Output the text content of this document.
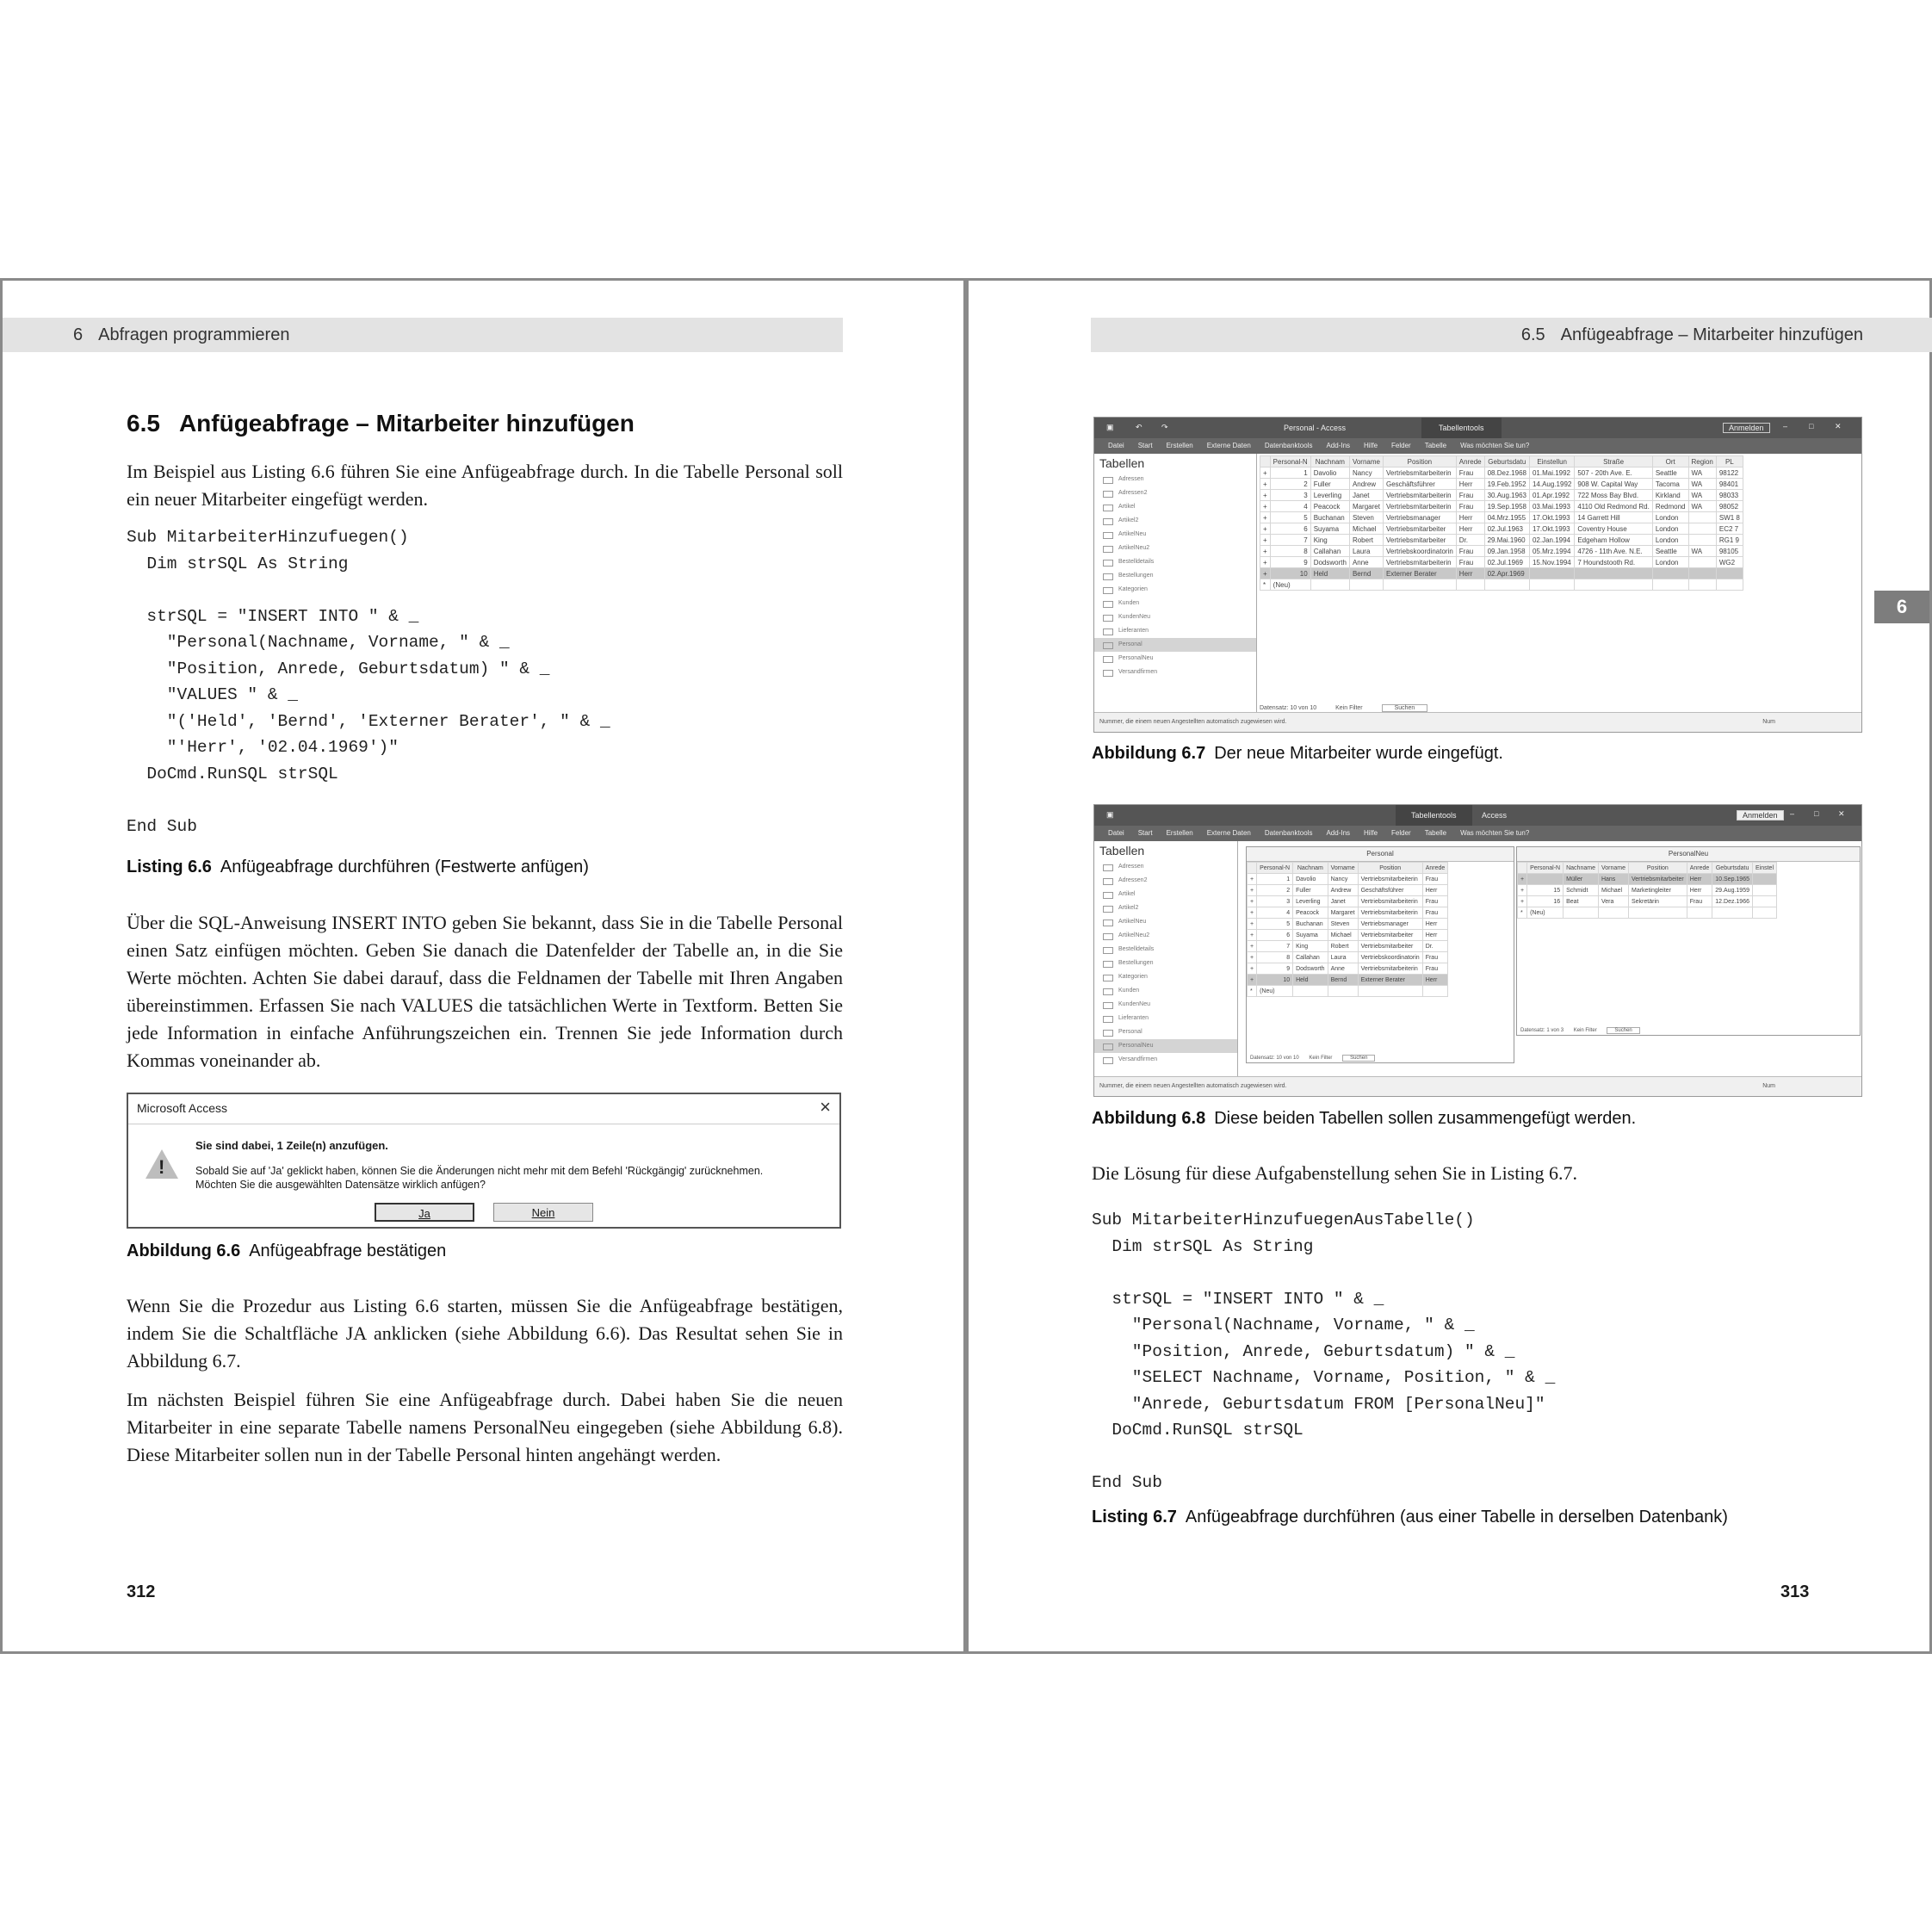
6 Abfragen programmieren
6.5 Anfügeabfrage – Mitarbeiter hinzufügen

Im Beispiel aus Listing 6.6 führen Sie eine Anfügeabfrage durch. In die Tabelle Personal soll ein neuer Mitarbeiter eingefügt werden.

Sub MitarbeiterHinzufuegen()
Dim strSQL As String

strSQL = "INSERT INTO " & _
"Personal(Nachname, Vorname, " & _
"Position, Anrede, Geburtsdatum) " & _
"VALUES " & _
"('Held', 'Bernd', 'Externer Berater', " & _
"'Herr', '02.04.1969')"
DoCmd.RunSQL strSQL

End Sub
Listing 6.6 Anfügeabfrage durchführen (Festwerte anfügen)

Über die SQL-Anweisung INSERT INTO geben Sie bekannt, dass Sie in die Tabelle Personal einen Satz einfügen möchten. Geben Sie danach die Datenfelder der Tabelle an, in die Sie Werte möchten. Achten Sie dabei darauf, dass die Feldnamen der Tabelle mit Ihren Angaben übereinstimmen. Erfassen Sie nach VALUES die tatsächlichen Werte in Textform. Betten Sie jede Information in einfache Anführungszeichen ein. Trennen Sie jede Information durch Kommas voneinander ab.

Microsoft Access	×
!
Sie sind dabei, 1 Zeile(n) anzufügen.
Sobald Sie auf 'Ja' geklickt haben, können Sie die Änderungen nicht mehr mit dem Befehl 'Rückgängig' zurücknehmen.
Möchten Sie die ausgewählten Datensätze wirklich anfügen?
Ja	Nein
Abbildung 6.6 Anfügeabfrage bestätigen

Wenn Sie die Prozedur aus Listing 6.6 starten, müssen Sie die Anfügeabfrage bestätigen, indem Sie die Schaltfläche JA anklicken (siehe Abbildung 6.6). Das Resultat sehen Sie in Abbildung 6.7.

Im nächsten Beispiel führen Sie eine Anfügeabfrage durch. Dabei haben Sie die neuen Mitarbeiter in eine separate Tabelle namens PersonalNeu eingegeben (siehe Abbildung 6.8). Diese Mitarbeiter sollen nun in der Tabelle Personal hinten angehängt werden.

312
6.5 Anfügeabfrage – Mitarbeiter hinzufügen
6
▣	↶ ↷	Personal - Access	Tabellentools	Anmelden	–	□	✕
Datei Start Erstellen Externe Daten Datenbanktools Add-Ins Hilfe Felder Tabelle Was möchten Sie tun?
Tabellen
Adressen
Adressen2
Artikel
Artikel2
ArtikelNeu
ArtikelNeu2
Bestelldetails
Bestellungen
Kategorien
Kunden
KundenNeu
Lieferanten
Personal
PersonalNeu
Versandfirmen
	Personal-N	Nachnam	Vorname	Position	Anrede	Geburtsdatu	Einstellun	Straße	Ort	Region	PL
+	1	Davolio	Nancy	Vertriebsmitarbeiterin	Frau	08.Dez.1968	01.Mai.1992	507 - 20th Ave. E.	Seattle	WA	98122
+	2	Fuller	Andrew	Geschäftsführer	Herr	19.Feb.1952	14.Aug.1992	908 W. Capital Way	Tacoma	WA	98401
+	3	Leverling	Janet	Vertriebsmitarbeiterin	Frau	30.Aug.1963	01.Apr.1992	722 Moss Bay Blvd.	Kirkland	WA	98033
+	4	Peacock	Margaret	Vertriebsmitarbeiterin	Frau	19.Sep.1958	03.Mai.1993	4110 Old Redmond Rd.	Redmond	WA	98052
+	5	Buchanan	Steven	Vertriebsmanager	Herr	04.Mrz.1955	17.Okt.1993	14 Garrett Hill	London		SW1 8
+	6	Suyama	Michael	Vertriebsmitarbeiter	Herr	02.Jul.1963	17.Okt.1993	Coventry House	London		EC2 7
+	7	King	Robert	Vertriebsmitarbeiter	Dr.	29.Mai.1960	02.Jan.1994	Edgeham Hollow	London		RG1 9
+	8	Callahan	Laura	Vertriebskoordinatorin	Frau	09.Jan.1958	05.Mrz.1994	4726 - 11th Ave. N.E.	Seattle	WA	98105
+	9	Dodsworth	Anne	Vertriebsmitarbeiterin	Frau	02.Jul.1969	15.Nov.1994	7 Houndstooth Rd.	London		WG2
+	10	Held	Bernd	Externer Berater	Herr	02.Apr.1969					
*	(Neu)										
Datensatz: 10 von 10	Kein Filter	Suchen
Nummer, die einem neuen Angestellten automatisch zugewiesen wird.	Num
Abbildung 6.7 Der neue Mitarbeiter wurde eingefügt.
▣	Tabellentools	Access	Anmelden	–	□	✕
Datei Start Erstellen Externe Daten Datenbanktools Add-Ins Hilfe Felder Tabelle Was möchten Sie tun?
Tabellen
Adressen
Adressen2
Artikel
Artikel2
ArtikelNeu
ArtikelNeu2
Bestelldetails
Bestellungen
Kategorien
Kunden
KundenNeu
Lieferanten
Personal
PersonalNeu
Versandfirmen
Personal
	Personal-N	Nachnam	Vorname	Position	Anrede
+	1	Davolio	Nancy	Vertriebsmitarbeiterin	Frau
+	2	Fuller	Andrew	Geschäftsführer	Herr
+	3	Leverling	Janet	Vertriebsmitarbeiterin	Frau
+	4	Peacock	Margaret	Vertriebsmitarbeiterin	Frau
+	5	Buchanan	Steven	Vertriebsmanager	Herr
+	6	Suyama	Michael	Vertriebsmitarbeiter	Herr
+	7	King	Robert	Vertriebsmitarbeiter	Dr.
+	8	Callahan	Laura	Vertriebskoordinatorin	Frau
+	9	Dodsworth	Anne	Vertriebsmitarbeiterin	Frau
+	10	Held	Bernd	Externer Berater	Herr
*	(Neu)				
Datensatz: 10 von 10 Kein Filter	Suchen
PersonalNeu
	Personal-N	Nachname	Vorname	Position	Anrede	Geburtsdatu	Einstel
+		Müller	Hans	Vertriebsmitarbeiter	Herr	10.Sep.1965	
+	15	Schmidt	Michael	Marketingleiter	Herr	29.Aug.1959	
+	16	Beat	Vera	Sekretärin	Frau	12.Dez.1966	
*	(Neu)						
Datensatz: 1 von 3 Kein Filter	Suchen
Nummer, die einem neuen Angestellten automatisch zugewiesen wird.	Num
Abbildung 6.8 Diese beiden Tabellen sollen zusammengefügt werden.

Die Lösung für diese Aufgabenstellung sehen Sie in Listing 6.7.

Sub MitarbeiterHinzufuegenAusTabelle()
Dim strSQL As String

strSQL = "INSERT INTO " & _
"Personal(Nachname, Vorname, " & _
"Position, Anrede, Geburtsdatum) " & _
"SELECT Nachname, Vorname, Position, " & _
"Anrede, Geburtsdatum FROM [PersonalNeu]"
DoCmd.RunSQL strSQL

End Sub
Listing 6.7 Anfügeabfrage durchführen (aus einer Tabelle in derselben Datenbank)
313
